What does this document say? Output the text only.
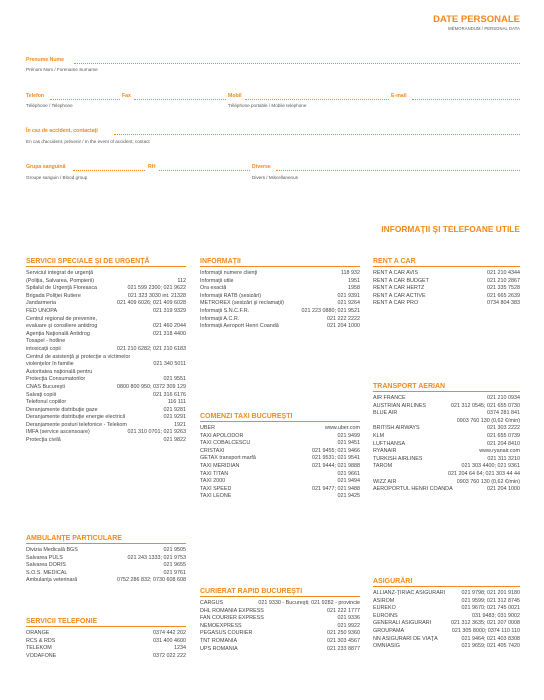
DATE PERSONALE
MÉMORANDUM / PERSONAL DATA
Prenume Nume
Prénom Nom / Forename Surname
Telefon	Fax	Mobil	E-mail
Téléphone / Telephone	Téléphone portable / Mobile telephone
În caz de accident, contactaţi
En cas d'accident, prévenir / In the event of accident, contact
Grupa sanguină	RH	Diverse
Groupe sanguin / Blood group	Divers / Miscellaneous
INFORMAŢII ŞI TELEFOANE UTILE
SERVICII SPECIALE ŞI DE URGENŢĂ
Serviciul integrat de urgenţă
(Poliţia, Salvarea, Pompierii)	112
Spitalul de Urgenţă Floreasca	021 599 2300; 021 9622
Brigada Poliţiei Rutiere	021 323 3030 int. 21328
Jandarmeria	021 409 6026; 021 409 6028
FED UNOPA	021 319 9329
Centrul regional de prevenire,
evaluare şi consiliere antidrog	021 460 2044
Agenţia Naţională Antidrog	021 318 4400
Toxapel - hotline
intoxicaţii copii	021 210 6282; 021 210 6183
Centrul de asistenţă şi protecţie a victimelor
violenţelor în familie	021 340 5011
Autoritatea naţională pentru
Protecţia Consumatorilor	021 9551
CNAS Bucureşti	0800 800 950; 0372 309 129
Salvaţi copiii	021 316 6176
Telefonul copiilor	116 111
Deranjamente distribuţie gaze	021 9281
Deranjamente distribuţie energie electrică	021 9291
Deranjamente posturi telefonice - Telekom	1921
IMFA (service ascensoare)	021 310 0701; 021 9263
Protecţia civilă	021 9822
AMBULANŢE PARTICULARE
Divizia Medicală BGS	021 9505
Salvarea PULS	021 243 1333; 021 9753
Salvarea DORIS	021 9655
S.O.S. MEDICAL	021 9761
Ambulanţa veterinară	0752 286 832; 0730 608 608
SERVICII TELEFONIE
ORANGE	0374 442 202
RCS & RDS	031 400 4600
TELEKOM	1234
VODAFONE	0372 022 222
INFORMAŢII
Informaţii numere clienţi	118 932
Informaţii utile	1951
Ora exactă	1958
Informaţii RATB (sesizări)	021 9391
METROREX (sesizări şi reclamaţii)	021 9264
Informaţii S.N.C.F.R.	021 223 0880; 021 9521
Informaţii A.C.R.	021 222 2222
Informaţii Aeroport Henri Coandă	021 204 1000
COMENZI TAXI BUCUREŞTI
UBER	www.uber.com
TAXI APOLODOR	021 9499
TAXI COBĂLCESCU	021 9451
CRISTAXI	021 9455; 021 9466
GETAX transport marfă	021 9531; 021 9541
TAXI MERIDIAN	021 9444; 021 9888
TAXI TITAN	021 9661
TAXI 2000	021 9494
TAXI SPEED	021 9477; 021 9488
TAXI LEONE	021 9425
CURIERAT RAPID BUCUREŞTI
CARGUS	021 9330 - Bucureşti; 021 9282 - provincie
DHL ROMÂNIA EXPRESS	021 222 1777
FAN COURIER EXPRESS	021 9336
NEMOEXPRESS	021 9922
PEGASUS COURIER	021 250 9360
TNT ROMÂNIA	021 303 4567
UPS ROMÂNIA	021 233 8877
RENT A CAR
RENT A CAR AVIS	021 210 4344
RENT A CAR BUDGET	021 210 2867
RENT A CAR HERTZ	021 335 7528
RENT A CAR ACTIVE	021 665 2639
RENT A CAR PRO	0734 804 383
TRANSPORT AERIAN
AIR FRANCE	021 210 0934
AUSTRIAN AIRLINES	021 312 0545; 021 655 0730
BLUE AIR	0374 281 841
0903 760 130 (0,62 €/min)
BRITISH AIRWAYS	021 303 2222
KLM	021 655 0739
LUFTHANSA	021 204 8410
RYANAIR	www.ryanair.com
TURKISH AIRLINES	021 311 3210
TAROM	021 303 4400; 021 9361
021 204 64 64; 021 303 44 44
WIZZ AIR	0903 760 130 (0,62 €/min)
AEROPORTUL HENRI COANDĂ	021 204 1000
ASIGURĂRI
ALLIANZ-ŢIRIAC ASIGURĂRI	021 9798; 021 201 9180
ASIROM	021 9599; 021 312 8745
EUREKO	021 9670; 021 745 0021
EUROINS	031 9483; 031 9002
GENERALI ASIGURĂRI	021 312 3635; 021 207 0008
GROUPAMA	021 305 8000; 0374 110 110
NN ASIGURĂRI DE VIAŢĂ	021 9464; 021 403 8308
OMNIASIG	021 9659; 021 405 7420
